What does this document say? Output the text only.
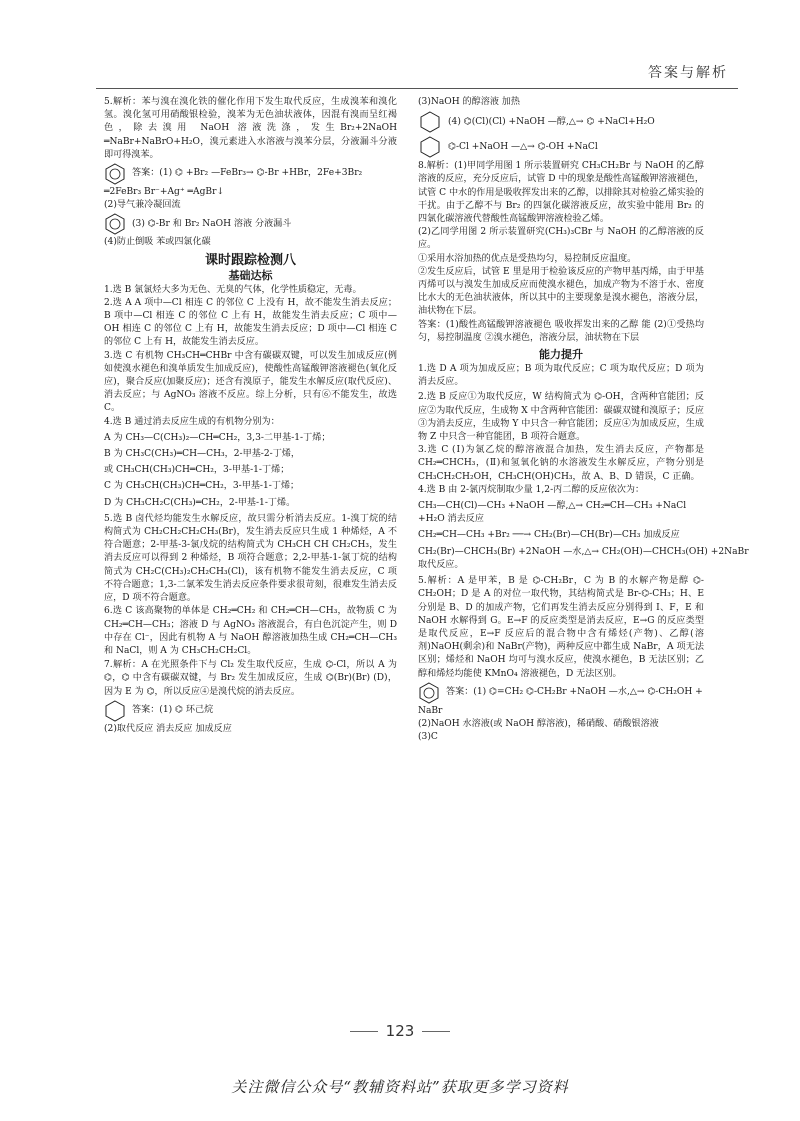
答案与解析

5.解析：苯与溴在溴化铁的催化作用下发生取代反应，生成溴苯和溴化氢。溴化氢可用硝酸银检验，溴苯为无色油状液体，因混有溴而呈红褐色，除去溴用 NaOH 溶液洗涤，发生Br₂+2NaOH ═NaBr+NaBrO+H₂O，溴元素进入水溶液与溴苯分层，分液漏斗分液即可得溴苯。

答案：(1) ⌬ +Br₂ —FeBr₃→ ⌬-Br +HBr，2Fe+3Br₂

═2FeBr₃ Br⁻+Ag⁺ ═AgBr↓

(2)导气兼冷凝回流

(3) ⌬-Br 和 Br₂ NaOH 溶液 分液漏斗

(4)防止倒吸 苯或四氯化碳

课时跟踪检测八
基础达标

1.选 B 氯氯烃大多为无色、无臭的气体，化学性质稳定，无毒。

2.选 A A 项中—Cl 相连 C 的邻位 C 上没有 H，故不能发生消去反应；B 项中—Cl 相连 C 的邻位 C 上有 H，故能发生消去反应；C 项中—OH 相连 C 的邻位 C 上有 H，故能发生消去反应；D 项中—Cl 相连 C 的邻位 C 上有 H，故能发生消去反应。

3.选 C 有机物 CH₃CH═CHBr 中含有碳碳双键，可以发生加成反应(例如使溴水褪色和溴单质发生加成反应)，使酸性高锰酸钾溶液褪色(氧化反应)，聚合反应(加聚反应)；还含有溴原子，能发生水解反应(取代反应)、消去反应；与 AgNO₃ 溶液不反应。综上分析，只有⑥不能发生，故选 C。

4.选 B 通过消去反应生成的有机物分别为：

A 为 CH₃—C(CH₃)₂—CH═CH₂，3,3-二甲基-1-丁烯；

B 为 CH₃C(CH₃)═CH—CH₃，2-甲基-2-丁烯，

或 CH₃CH(CH₃)CH═CH₂，3-甲基-1-丁烯；

C 为 CH₃CH(CH₃)CH═CH₂，3-甲基-1-丁烯；

D 为 CH₃CH₂C(CH₃)═CH₂，2-甲基-1-丁烯。

5.选 B 卤代烃均能发生水解反应，故只需分析消去反应。1-溴丁烷的结构简式为 CH₂CH₂CH₂CH₃(Br)，发生消去反应只生成 1 种烯烃，A 不符合题意；2-甲基-3-氯戊烷的结构简式为 CH₃CH CH CH₂CH₃，发生消去反应可以得到 2 种烯烃，B 项符合题意；2,2-甲基-1-氯丁烷的结构简式为 CH₂C(CH₃)₂CH₂CH₃(Cl)，该有机物不能发生消去反应，C 项不符合题意；1,3-二氯苯发生消去反应条件要求很苛刻，很难发生消去反应，D 项不符合题意。

6.选 C 该高聚物的单体是 CH₂═CH₂ 和 CH₂═CH—CH₃，故物质 C 为 CH₂═CH—CH₃；溶液 D 与 AgNO₃ 溶液混合，有白色沉淀产生，则 D 中存在 Cl⁻，因此有机物 A 与 NaOH 醇溶液加热生成 CH₂═CH—CH₃ 和 NaCl，则 A 为 CH₃CH₂CH₂Cl。

7.解析：A 在光照条件下与 Cl₂ 发生取代反应，生成 ⌬-Cl，所以 A 为 ⌬，⌬ 中含有碳碳双键，与 Br₂ 发生加成反应，生成 ⌬(Br)(Br) (D)，因为 E 为 ⌬，所以反应④是溴代烷的消去反应。
答案：(1) ⌬ 环己烷

(2)取代反应 消去反应 加成反应

(3)NaOH 的醇溶液 加热

(4) ⌬(Cl)(Cl) +NaOH —醇,△→ ⌬ +NaCl+H₂O
⌬-Cl +NaOH —△→ ⌬-OH +NaCl

8.解析：(1)甲同学用图 1 所示装置研究 CH₃CH₂Br 与 NaOH 的乙醇溶液的反应，充分反应后，试管 D 中的现象是酸性高锰酸钾溶液褪色，试管 C 中水的作用是吸收挥发出来的乙醇，以排除其对检验乙烯实验的干扰。由于乙醇不与 Br₂ 的四氯化碳溶液反应，故实验中能用 Br₂ 的四氯化碳溶液代替酸性高锰酸钾溶液检验乙烯。

(2)乙同学用图 2 所示装置研究(CH₃)₃CBr 与 NaOH 的乙醇溶液的反应。

①采用水浴加热的优点是受热均匀，易控制反应温度。

②发生反应后，试管 E 里是用于检验该反应的产物甲基丙烯，由于甲基丙烯可以与溴发生加成反应而使溴水褪色，加成产物为不溶于水、密度比水大的无色油状液体，所以其中的主要现象是溴水褪色，溶液分层，油状物在下层。

答案：(1)酸性高锰酸钾溶液褪色 吸收挥发出来的乙醇 能 (2)①受热均匀，易控制温度 ②溴水褪色，溶液分层，油状物在下层

能力提升

1.选 D A 项为加成反应；B 项为取代反应；C 项为取代反应；D 项为消去反应。

2.选 B 反应①为取代反应，W 结构简式为 ⌬-OH，含两种官能团；反应②为取代反应，生成物 X 中含两种官能团：碳碳双键和溴原子；反应③为消去反应，生成物 Y 中只含一种官能团；反应④为加成反应，生成物 Z 中只含一种官能团，B 项符合题意。

3.选 C (Ⅰ)为氯乙烷的醇溶液混合加热，发生消去反应，产物都是 CH₂═CHCH₃，(Ⅱ)和氢氧化钠的水溶液发生水解反应，产物分别是 CH₃CH₂CH₂OH，CH₃CH(OH)CH₃，故 A、B、D 错误，C 正确。

4.选 B 由 2-氯丙烷制取少量 1,2-丙二醇的反应依次为：

CH₃—CH(Cl)—CH₃ +NaOH —醇,△→ CH₂═CH—CH₃ +NaCl

+H₂O 消去反应

CH₂═CH—CH₃ +Br₂ ──→ CH₂(Br)—CH(Br)—CH₃ 加成反应

CH₂(Br)—CHCH₃(Br) +2NaOH —水,△→ CH₂(OH)—CHCH₃(OH) +2NaBr

取代反应。

5.解析：A 是甲苯，B 是 ⌬-CH₂Br，C 为 B 的水解产物是醇 ⌬-CH₂OH；D 是 A 的对位一取代物，其结构简式是 Br-⌬-CH₃；H、E 分别是 B、D 的加成产物，它们再发生消去反应分别得到 I、F，E 和 NaOH 水解得到 G。E→F 的反应类型是消去反应，E→G 的反应类型是取代反应，E→F 反应后的混合物中含有烯烃(产物)、乙醇(溶剂)NaOH(剩余)和 NaBr(产物)，两种反应中都生成 NaBr，A 项无法区别；烯烃和 NaOH 均可与溴水反应，使溴水褪色，B 无法区别；乙醇和烯烃均能使 KMnO₄ 溶液褪色，D 无法区别。

答案：(1) ⌬=CH₂ ⌬-CH₂Br +NaOH —水,△→ ⌬-CH₂OH +

NaBr

(2)NaOH 水溶液(或 NaOH 醇溶液)，稀硝酸、硝酸银溶液

(3)C

123
关注微信公众号“教辅资料站”获取更多学习资料
